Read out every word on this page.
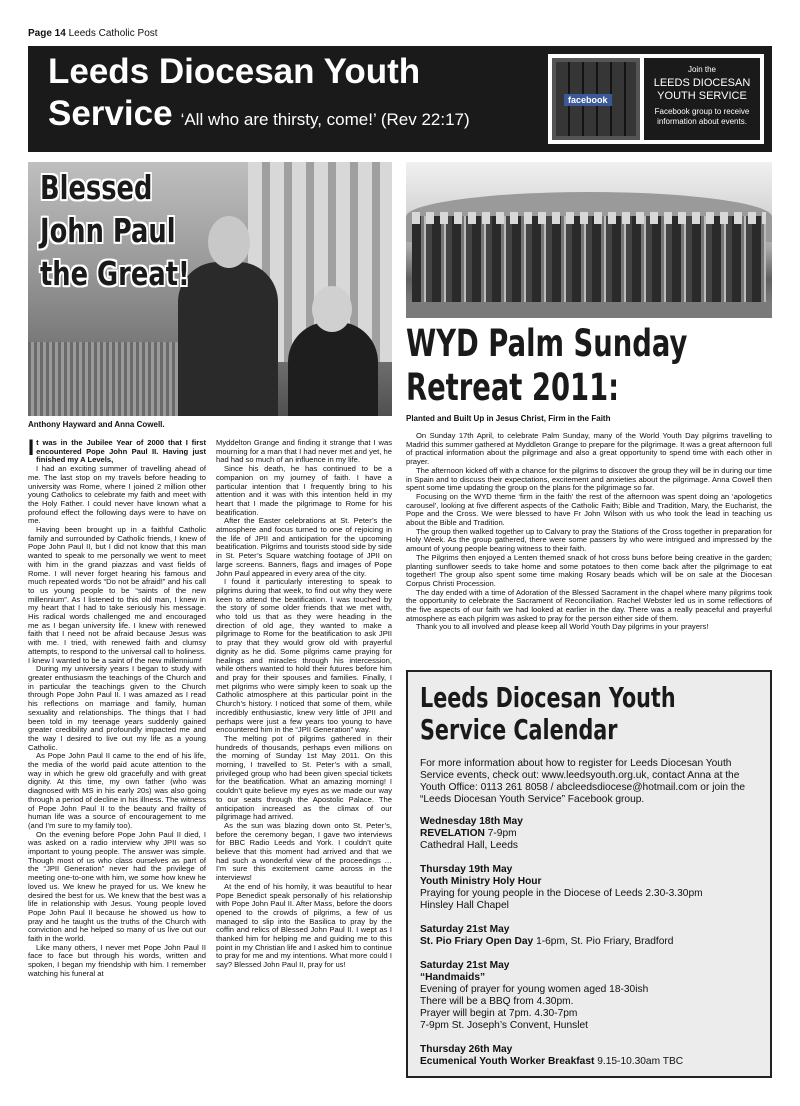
Page 14 Leeds Catholic Post
Leeds Diocesan Youth
Service ‘All who are thirsty, come!’ (Rev 22:17)
facebook
Join the
LEEDS DIOCESAN
YOUTH SERVICE
Facebook group to receive
information about events.
Blessed
John Paul
the Great!
Anthony Hayward and Anna Cowell.

It was in the Jubilee Year of 2000 that I first encountered Pope John Paul II. Having just finished my A Levels,

I had an exciting summer of travelling ahead of me. The last stop on my travels before heading to university was Rome, where I joined 2 million other young Catholics to celebrate my faith and meet with the Holy Father. I could never have known what a profound effect the following days were to have on me.

Having been brought up in a faithful Catholic family and surrounded by Catholic friends, I knew of Pope John Paul II, but I did not know that this man wanted to speak to me personally we went to meet with him in the grand piazzas and vast fields of Rome. I will never forget hearing his famous and much repeated words “Do not be afraid!” and his call to us young people to be “saints of the new millennium”. As I listened to this old man, I knew in my heart that I had to take seriously his message. His radical words challenged me and encouraged me as I began university life. I knew with renewed faith that I need not be afraid because Jesus was with me. I tried, with renewed faith and clumsy attempts, to respond to the universal call to holiness. I knew I wanted to be a saint of the new millennium!

During my university years I began to study with greater enthusiasm the teachings of the Church and in particular the teachings given to the Church through Pope John Paul II. I was amazed as I read his reflections on marriage and family, human sexuality and relationships. The things that I had been told in my teenage years suddenly gained greater credibility and profoundly impacted me and the way I desired to live out my life as a young Catholic.

As Pope John Paul II came to the end of his life, the media of the world paid acute attention to the way in which he grew old gracefully and with great dignity. At this time, my own father (who was diagnosed with MS in his early 20s) was also going through a period of decline in his illness. The witness of Pope John Paul II to the beauty and frailty of human life was a source of encouragement to me (and I’m sure to my family too).

On the evening before Pope John Paul II died, I was asked on a radio interview why JPII was so important to young people. The answer was simple. Though most of us who class ourselves as part of the “JPII Generation” never had the privilege of meeting one-to-one with him, we some how knew he loved us. We knew he prayed for us. We knew he desired the best for us. We knew that the best was a life in relationship with Jesus. Young people loved Pope John Paul II because he showed us how to pray and he taught us the truths of the Church with conviction and he helped so many of us live out our faith in the world.

Like many others, I never met Pope John Paul II face to face but through his words, written and spoken, I began my friendship with him. I remember watching his funeral at

Myddelton Grange and finding it strange that I was mourning for a man that I had never met and yet, he had had so much of an influence in my life.

Since his death, he has continued to be a companion on my journey of faith. I have a particular intention that I frequently bring to his attention and it was with this intention held in my heart that I made the pilgrimage to Rome for his beatification.

After the Easter celebrations at St. Peter’s the atmosphere and focus turned to one of rejoicing in the life of JPII and anticipation for the upcoming beatification. Pilgrims and tourists stood side by side in St. Peter’s Square watching footage of JPII on large screens. Banners, flags and images of Pope John Paul appeared in every area of the city.

I found it particularly interesting to speak to pilgrims during that week, to find out why they were keen to attend the beatification. I was touched by the story of some older friends that we met with, who told us that as they were heading in the direction of old age, they wanted to make a pilgrimage to Rome for the beatification to ask JPII to pray that they would grow old with prayerful dignity as he did. Some pilgrims came praying for healings and miracles through his intercession, while others wanted to hold their futures before him and pray for their spouses and families. Finally, I met pilgrims who were simply keen to soak up the Catholic atmosphere at this particular point in the Church’s history. I noticed that some of them, while incredibly enthusiastic, knew very little of JPII and perhaps were just a few years too young to have encountered him in the “JPII Generation” way.

The melting pot of pilgrims gathered in their hundreds of thousands, perhaps even millions on the morning of Sunday 1st May 2011. On this morning, I travelled to St. Peter’s with a small, privileged group who had been given special tickets for the beatification. What an amazing morning! I couldn’t quite believe my eyes as we made our way to our seats through the Apostolic Palace. The anticipation increased as the climax of our pilgrimage had arrived.

As the sun was blazing down onto St. Peter’s, before the ceremony began, I gave two interviews for BBC Radio Leeds and York. I couldn’t quite believe that this moment had arrived and that we had such a wonderful view of the proceedings … I’m sure this excitement came across in the interviews!

At the end of his homily, it was beautiful to hear Pope Benedict speak personally of his relationship with Pope John Paul II. After Mass, before the doors opened to the crowds of pilgrims, a few of us managed to slip into the Basilica to pray by the coffin and relics of Blessed John Paul II. I wept as I thanked him for helping me and guiding me to this point in my Christian life and I asked him to continue to pray for me and my intentions. What more could I say? Blessed John Paul II, pray for us!

WYD Palm Sunday
Retreat 2011:
Planted and Built Up in Jesus Christ, Firm in the Faith

On Sunday 17th April, to celebrate Palm Sunday, many of the World Youth Day pilgrims travelling to Madrid this summer gathered at Myddleton Grange to prepare for the pilgrimage. It was a great afternoon full of practical information about the pilgrimage and also a great opportunity to spend time with each other in prayer.

The afternoon kicked off with a chance for the pilgrims to discover the group they will be in during our time in Spain and to discuss their expectations, excitement and anxieties about the pilgrimage. Anna Cowell then spent some time updating the group on the plans for the pilgrimage so far.

Focusing on the WYD theme ‘firm in the faith’ the rest of the afternoon was spent doing an ‘apologetics carousel’, looking at five different aspects of the Catholic Faith; Bible and Tradition, Mary, the Eucharist, the Pope and the Cross. We were blessed to have Fr John Wilson with us who took the lead in teaching us about the Bible and Tradition.

The group then walked together up to Calvary to pray the Stations of the Cross together in preparation for Holy Week. As the group gathered, there were some passers by who were intrigued and impressed by the amount of young people bearing witness to their faith.

The Pilgrims then enjoyed a Lenten themed snack of hot cross buns before being creative in the garden; planting sunflower seeds to take home and some potatoes to then come back after the pilgrimage to eat together! The group also spent some time making Rosary beads which will be on sale at the Diocesan Corpus Christi Procession.

The day ended with a time of Adoration of the Blessed Sacrament in the chapel where many pilgrims took the opportunity to celebrate the Sacrament of Reconciliation. Rachel Webster led us in some reflections of the five aspects of our faith we had looked at earlier in the day. There was a really peaceful and prayerful atmosphere as each pilgrim was asked to pray for the person either side of them.

Thank you to all involved and please keep all World Youth Day pilgrims in your prayers!

Leeds Diocesan Youth
Service Calendar
For more information about how to register for Leeds Diocesan Youth Service events, check out: www.leedsyouth.org.uk, contact Anna at the Youth Office: 0113 261 8058 / abcleedsdiocese@hotmail.com or join the “Leeds Diocesan Youth Service” Facebook group.
Wednesday 18th May
REVELATION 7-9pm
Cathedral Hall, Leeds
Thursday 19th May
Youth Ministry Holy Hour
Praying for young people in the Diocese of Leeds 2.30-3.30pm
Hinsley Hall Chapel
Saturday 21st May
St. Pio Friary Open Day 1-6pm, St. Pio Friary, Bradford
Saturday 21st May
“Handmaids”
Evening of prayer for young women aged 18-30ish
There will be a BBQ from 4.30pm.
Prayer will begin at 7pm. 4.30-7pm
7-9pm St. Joseph’s Convent, Hunslet
Thursday 26th May
Ecumenical Youth Worker Breakfast 9.15-10.30am TBC
